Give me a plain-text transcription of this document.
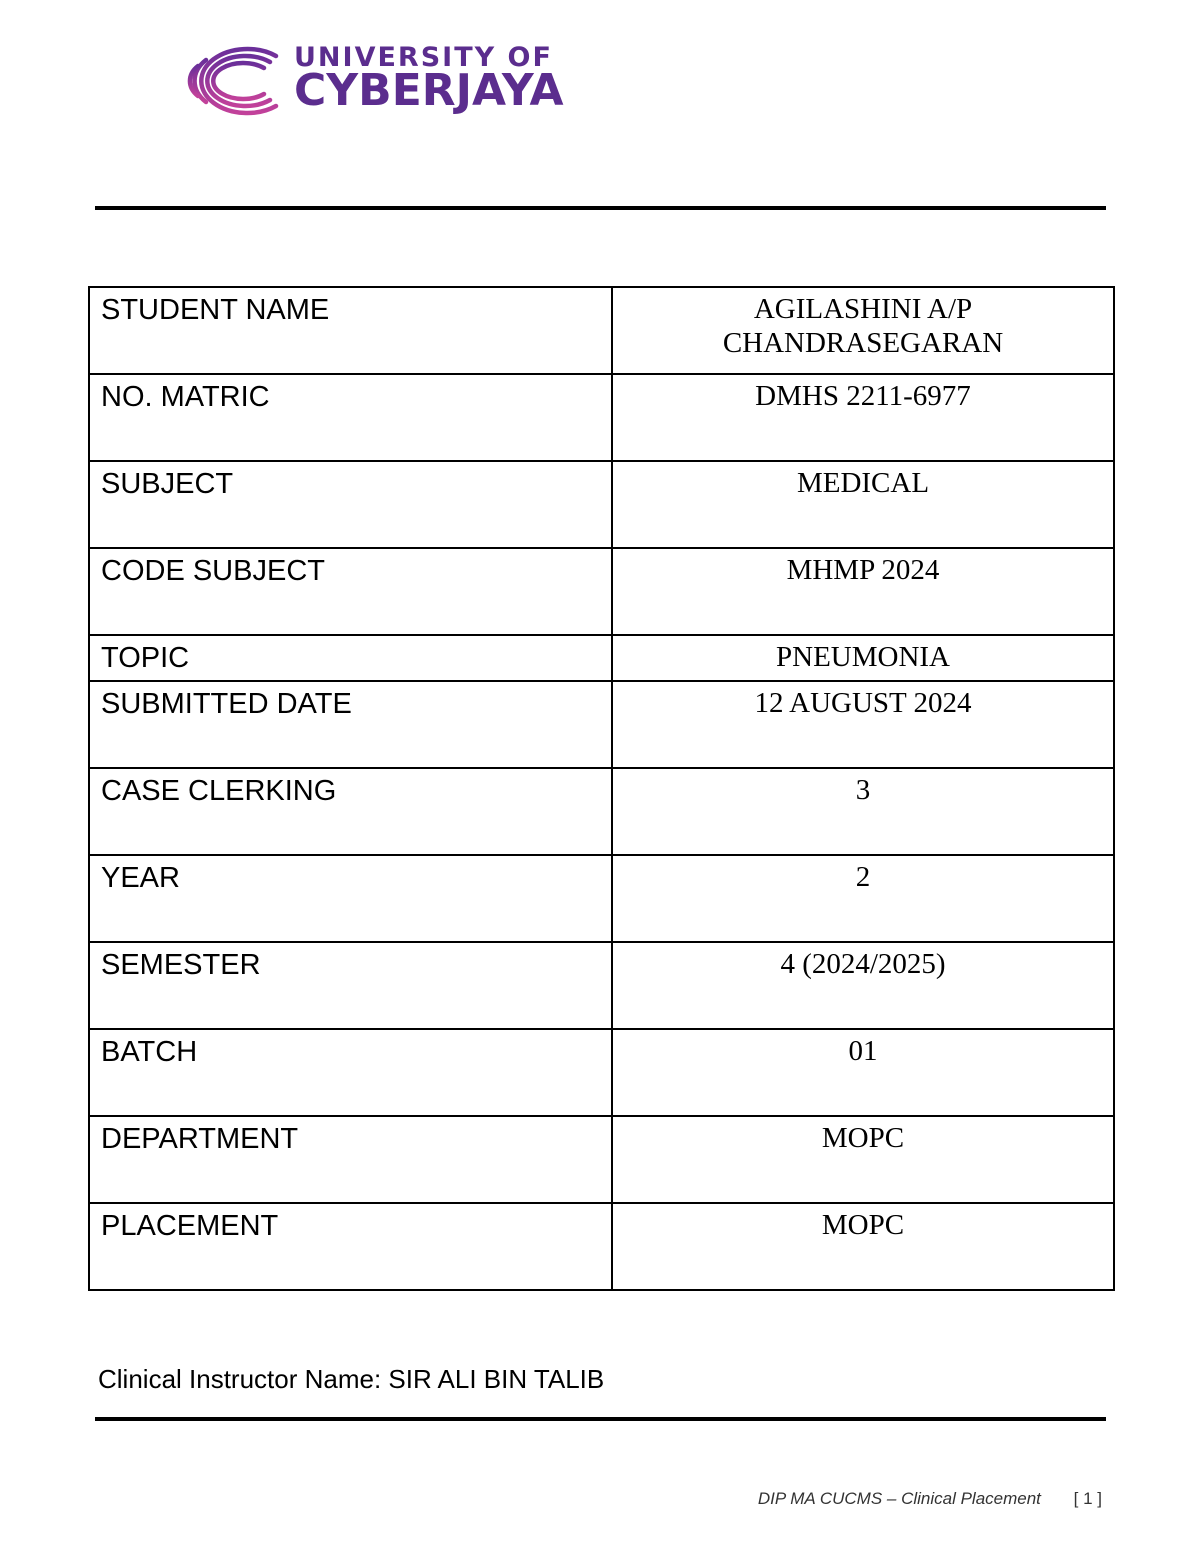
UNIVERSITY OF
CYBERJAYA
STUDENT NAME	AGILASHINI A/P
CHANDRASEGARAN
NO. MATRIC	DMHS 2211-6977
SUBJECT	MEDICAL
CODE SUBJECT	MHMP 2024
TOPIC	PNEUMONIA
SUBMITTED DATE	12 AUGUST 2024
CASE CLERKING	3
YEAR	2
SEMESTER	4 (2024/2025)
BATCH	01
DEPARTMENT	MOPC
PLACEMENT	MOPC
Clinical Instructor Name: SIR ALI BIN TALIB
DIP MA CUCMS – Clinical Placement [ 1 ]
